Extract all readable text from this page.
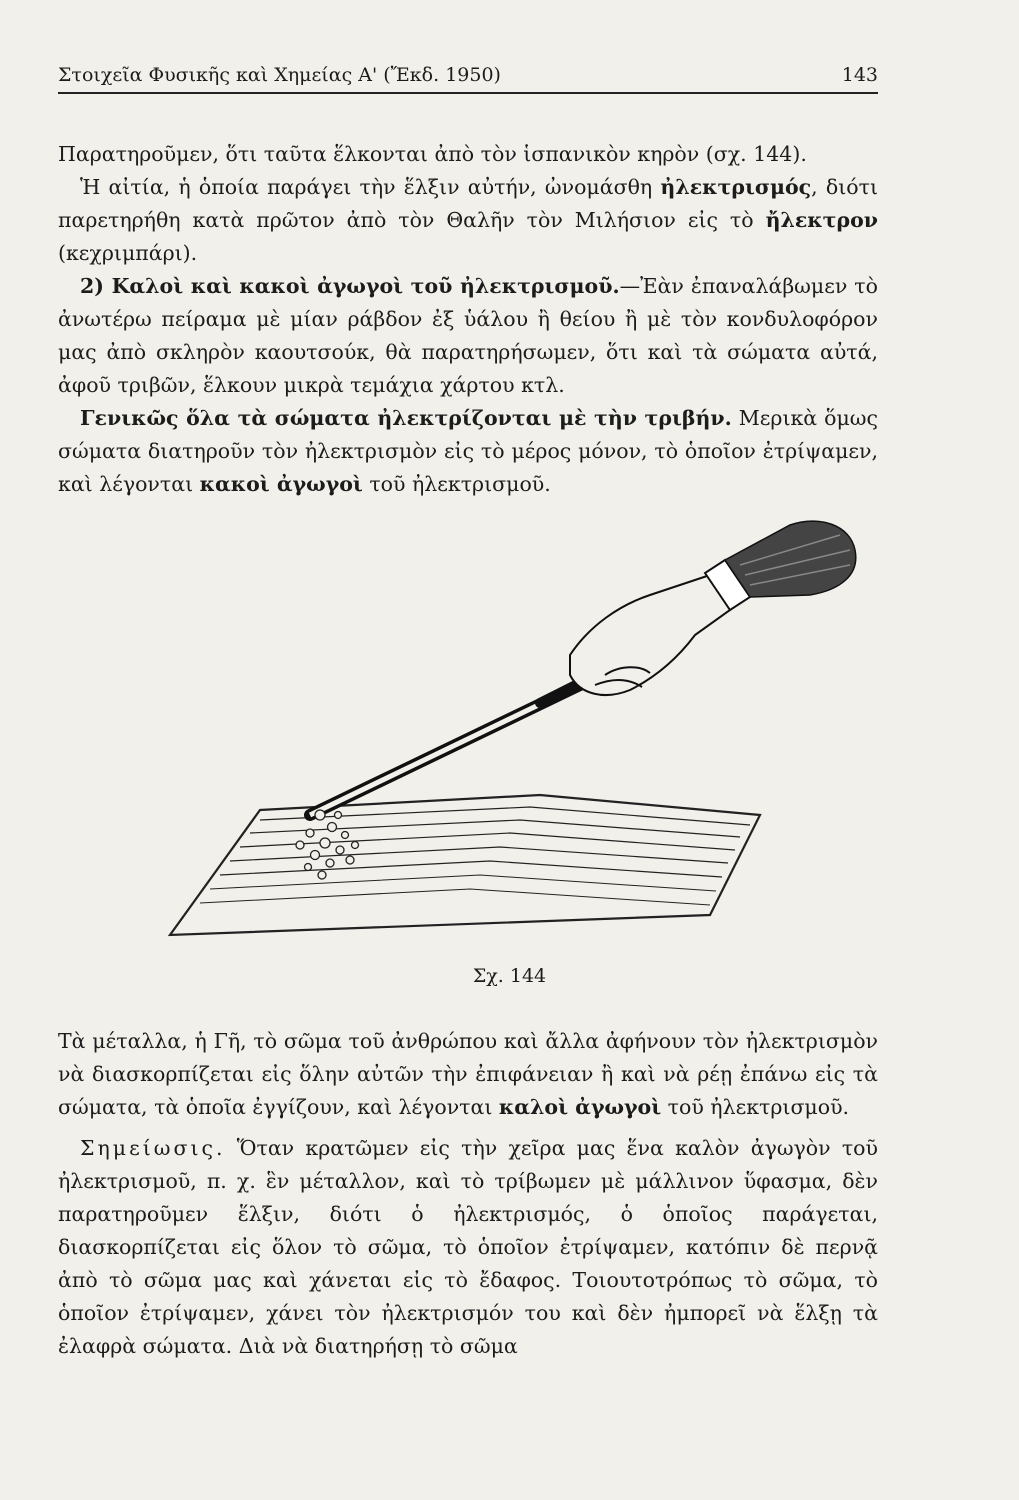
Στοιχεῖα Φυσικῆς καὶ Χημείας Α' (Ἔκδ. 1950)	143

Παρατηροῦμεν, ὅτι ταῦτα ἕλκονται ἀπὸ τὸν ἱσπανικὸν κηρὸν (σχ. 144).

Ἡ αἰτία, ἡ ὁποία παράγει τὴν ἕλξιν αὐτήν, ὠνομάσθη ἠλεκτρισμός, διότι παρετηρήθη κατὰ πρῶτον ἀπὸ τὸν Θαλῆν τὸν Μιλήσιον εἰς τὸ ἤλεκτρον (κεχριμπάρι).

2) Καλοὶ καὶ κακοὶ ἀγωγοὶ τοῦ ἠλεκτρισμοῦ.—Ἐὰν ἐπαναλάβωμεν τὸ ἀνωτέρω πείραμα μὲ μίαν ράβδον ἐξ ὑάλου ἢ θείου ἢ μὲ τὸν κονδυλοφόρον μας ἀπὸ σκληρὸν καουτσούκ, θὰ παρατηρήσωμεν, ὅτι καὶ τὰ σώματα αὐτά, ἀφοῦ τριβῶν, ἕλκουν μικρὰ τεμάχια χάρτου κτλ.

Γενικῶς ὅλα τὰ σώματα ἠλεκτρίζονται μὲ τὴν τριβήν. Μερικὰ ὅμως σώματα διατηροῦν τὸν ἠλεκτρισμὸν εἰς τὸ μέρος μόνον, τὸ ὁποῖον ἐτρίψαμεν, καὶ λέγονται κακοὶ ἀγωγοὶ τοῦ ἠλεκτρισμοῦ.

Σχ. 144

Τὰ μέταλλα, ἡ Γῆ, τὸ σῶμα τοῦ ἀνθρώπου καὶ ἄλλα ἀφήνουν τὸν ἠλεκτρισμὸν νὰ διασκορπίζεται εἰς ὅλην αὐτῶν τὴν ἐπιφάνειαν ἢ καὶ νὰ ρέῃ ἐπάνω εἰς τὰ σώματα, τὰ ὁποῖα ἐγγίζουν, καὶ λέγονται καλοὶ ἀγωγοὶ τοῦ ἠλεκτρισμοῦ.

Σημείωσις. Ὅταν κρατῶμεν εἰς τὴν χεῖρα μας ἕνα καλὸν ἀγωγὸν τοῦ ἠλεκτρισμοῦ, π. χ. ἓν μέταλλον, καὶ τὸ τρίβωμεν μὲ μάλλινον ὕφασμα, δὲν παρατηροῦμεν ἕλξιν, διότι ὁ ἠλεκτρισμός, ὁ ὁποῖος παράγεται, διασκορπίζεται εἰς ὅλον τὸ σῶμα, τὸ ὁποῖον ἐτρίψαμεν, κατόπιν δὲ περνᾷ ἀπὸ τὸ σῶμα μας καὶ χάνεται εἰς τὸ ἔδαφος. Τοιουτοτρόπως τὸ σῶμα, τὸ ὁποῖον ἐτρίψαμεν, χάνει τὸν ἠλεκτρισμόν του καὶ δὲν ἠμπορεῖ νὰ ἕλξῃ τὰ ἐλαφρὰ σώματα. Διὰ νὰ διατηρήσῃ τὸ σῶμα
